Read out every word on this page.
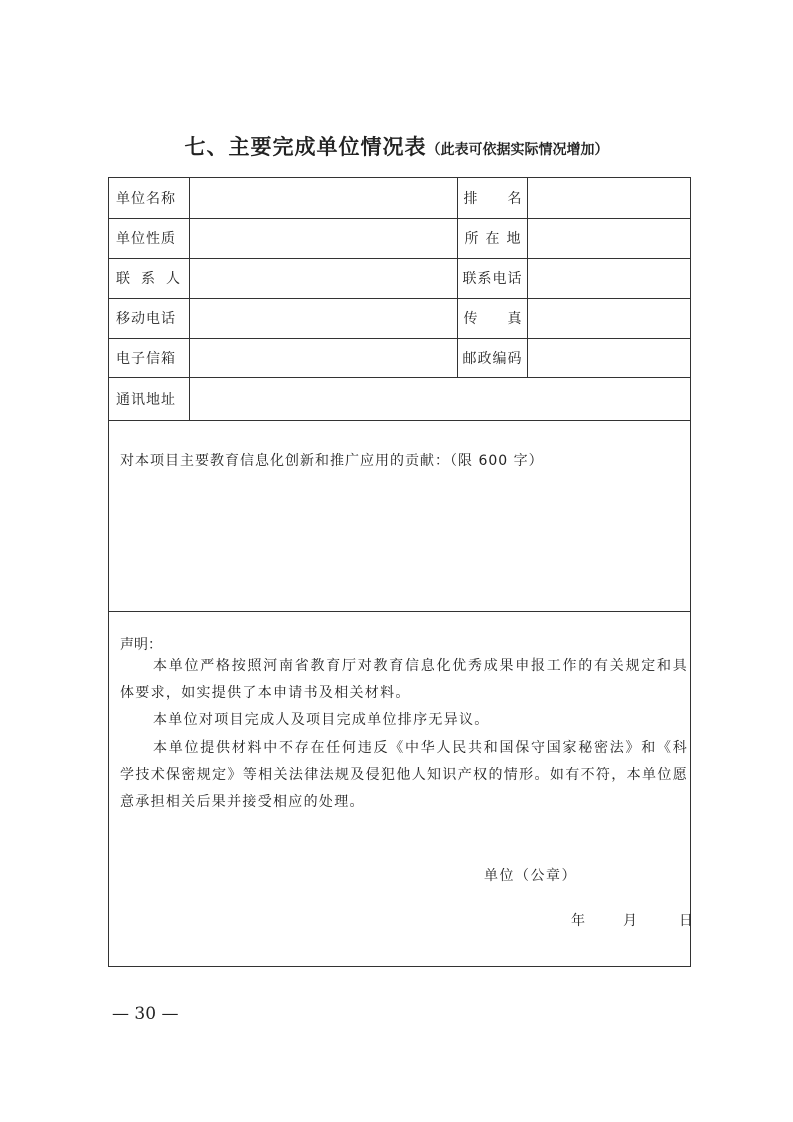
七、主要完成单位情况表（此表可依据实际情况增加）
单位名称	排名
单位性质	所在地
联系人	联系电话
移动电话	传真
电子信箱	邮政编码
通讯地址
对本项目主要教育信息化创新和推广应用的贡献：（限 600 字）
声明：
本单位严格按照河南省教育厅对教育信息化优秀成果申报工作的有关规定和具体要求，如实提供了本申请书及相关材料。
本单位对项目完成人及项目完成单位排序无异议。
本单位提供材料中不存在任何违反《中华人民共和国保守国家秘密法》和《科学技术保密规定》等相关法律法规及侵犯他人知识产权的情形。如有不符，本单位愿意承担相关后果并接受相应的处理。
单位（公章）
年	月	日
— 30 —
